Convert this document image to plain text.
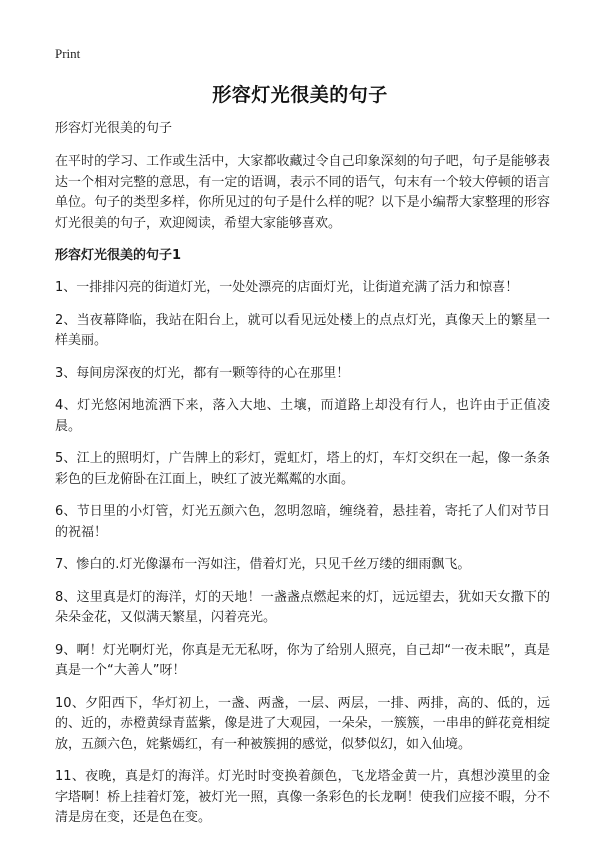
Print
形容灯光很美的句子

形容灯光很美的句子

在平时的学习、工作或生活中，大家都收藏过令自己印象深刻的句子吧，句子是能够表达一个相对完整的意思，有一定的语调，表示不同的语气，句末有一个较大停顿的语言单位。句子的类型多样，你所见过的句子是什么样的呢？以下是小编帮大家整理的形容灯光很美的句子，欢迎阅读，希望大家能够喜欢。

形容灯光很美的句子1

1、一排排闪亮的街道灯光，一处处漂亮的店面灯光，让街道充满了活力和惊喜！

2、当夜幕降临，我站在阳台上，就可以看见远处楼上的点点灯光，真像天上的繁星一样美丽。

3、每间房深夜的灯光，都有一颗等待的心在那里！

4、灯光悠闲地流洒下来，落入大地、土壤，而道路上却没有行人，也许由于正值凌晨。

5、江上的照明灯，广告牌上的彩灯，霓虹灯，塔上的灯，车灯交织在一起，像一条条彩色的巨龙俯卧在江面上，映红了波光粼粼的水面。

6、节日里的小灯管，灯光五颜六色，忽明忽暗，缠绕着，悬挂着，寄托了人们对节日的祝福！

7、惨白的.灯光像瀑布一泻如注，借着灯光，只见千丝万缕的细雨飘飞。

8、这里真是灯的海洋，灯的天地！一盏盏点燃起来的灯，远远望去，犹如天女撒下的朵朵金花，又似满天繁星，闪着亮光。

9、啊！灯光啊灯光，你真是无无私呀，你为了给别人照亮，自己却“一夜未眠”，真是真是一个“大善人”呀！

10、夕阳西下，华灯初上，一盏、两盏，一层、两层，一排、两排，高的、低的，远的、近的，赤橙黄绿青蓝紫，像是进了大观园，一朵朵，一簇簇，一串串的鲜花竟相绽放，五颜六色，姹紫嫣红，有一种被簇拥的感觉，似梦似幻，如入仙境。

11、夜晚，真是灯的海洋。灯光时时变换着颜色，飞龙塔金黄一片，真想沙漠里的金字塔啊！桥上挂着灯笼，被灯光一照，真像一条彩色的长龙啊！使我们应接不暇，分不清是房在变，还是色在变。
